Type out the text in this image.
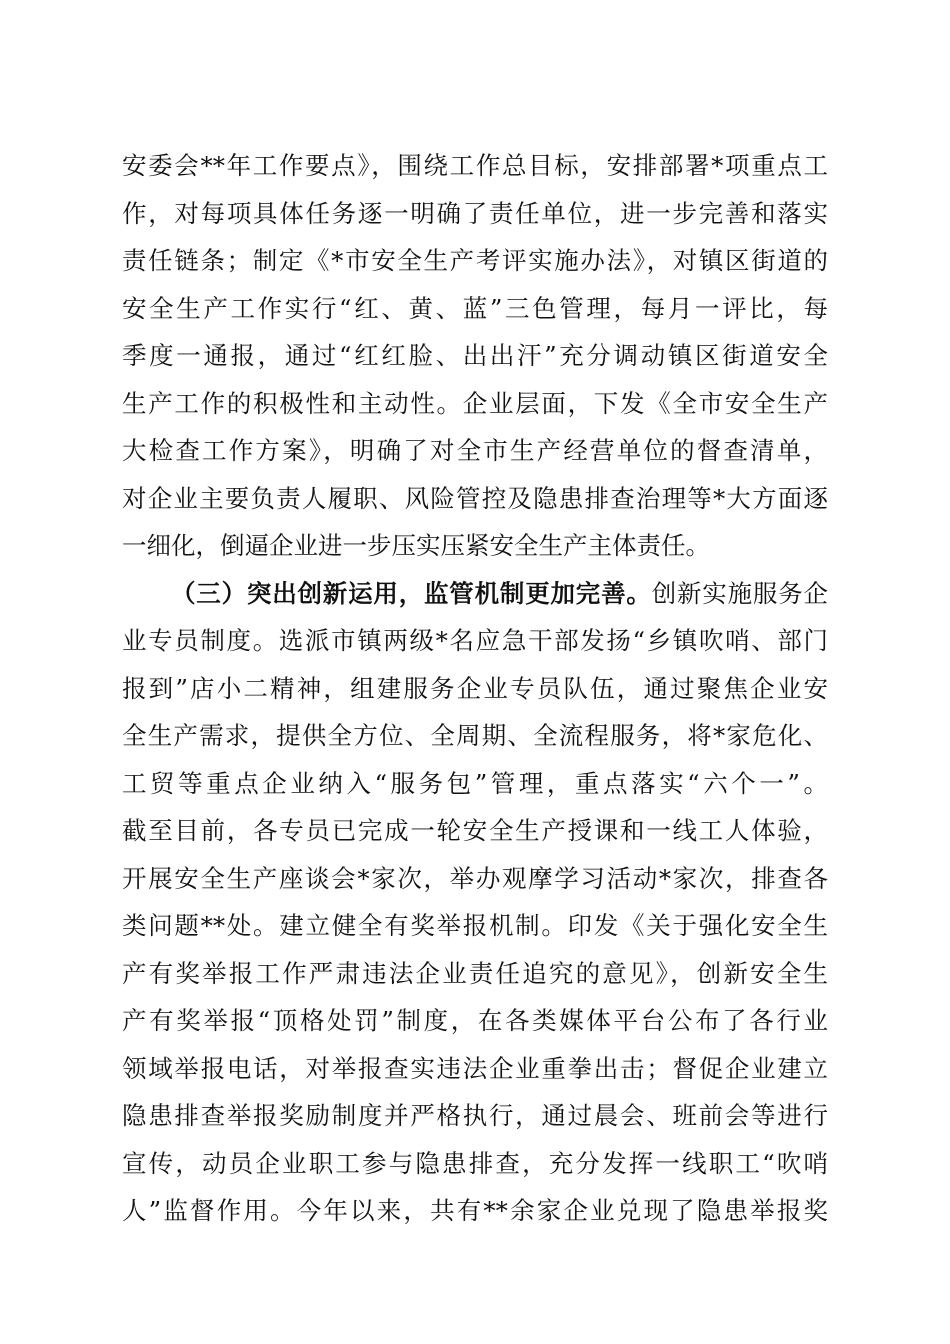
安委会**年工作要点》，围绕工作总目标，安排部署*项重点工
作，对每项具体任务逐一明确了责任单位，进一步完善和落实
责任链条；制定《*市安全生产考评实施办法》，对镇区街道的
安全生产工作实行“红、黄、蓝”三色管理，每月一评比，每
季度一通报，通过“红红脸、出出汗”充分调动镇区街道安全
生产工作的积极性和主动性。企业层面，下发《全市安全生产
大检查工作方案》，明确了对全市生产经营单位的督查清单，
对企业主要负责人履职、风险管控及隐患排查治理等*大方面逐
一细化，倒逼企业进一步压实压紧安全生产主体责任。
（三）突出创新运用，监管机制更加完善。创新实施服务企
业专员制度。选派市镇两级*名应急干部发扬“乡镇吹哨、部门
报到”店小二精神，组建服务企业专员队伍，通过聚焦企业安
全生产需求，提供全方位、全周期、全流程服务，将*家危化、
工贸等重点企业纳入“服务包”管理，重点落实“六个一”。
截至目前，各专员已完成一轮安全生产授课和一线工人体验，
开展安全生产座谈会*家次，举办观摩学习活动*家次，排查各
类问题**处。建立健全有奖举报机制。印发《关于强化安全生
产有奖举报工作严肃违法企业责任追究的意见》，创新安全生
产有奖举报“顶格处罚”制度，在各类媒体平台公布了各行业
领域举报电话，对举报查实违法企业重拳出击；督促企业建立
隐患排查举报奖励制度并严格执行，通过晨会、班前会等进行
宣传，动员企业职工参与隐患排查，充分发挥一线职工“吹哨
人”监督作用。今年以来，共有**余家企业兑现了隐患举报奖
